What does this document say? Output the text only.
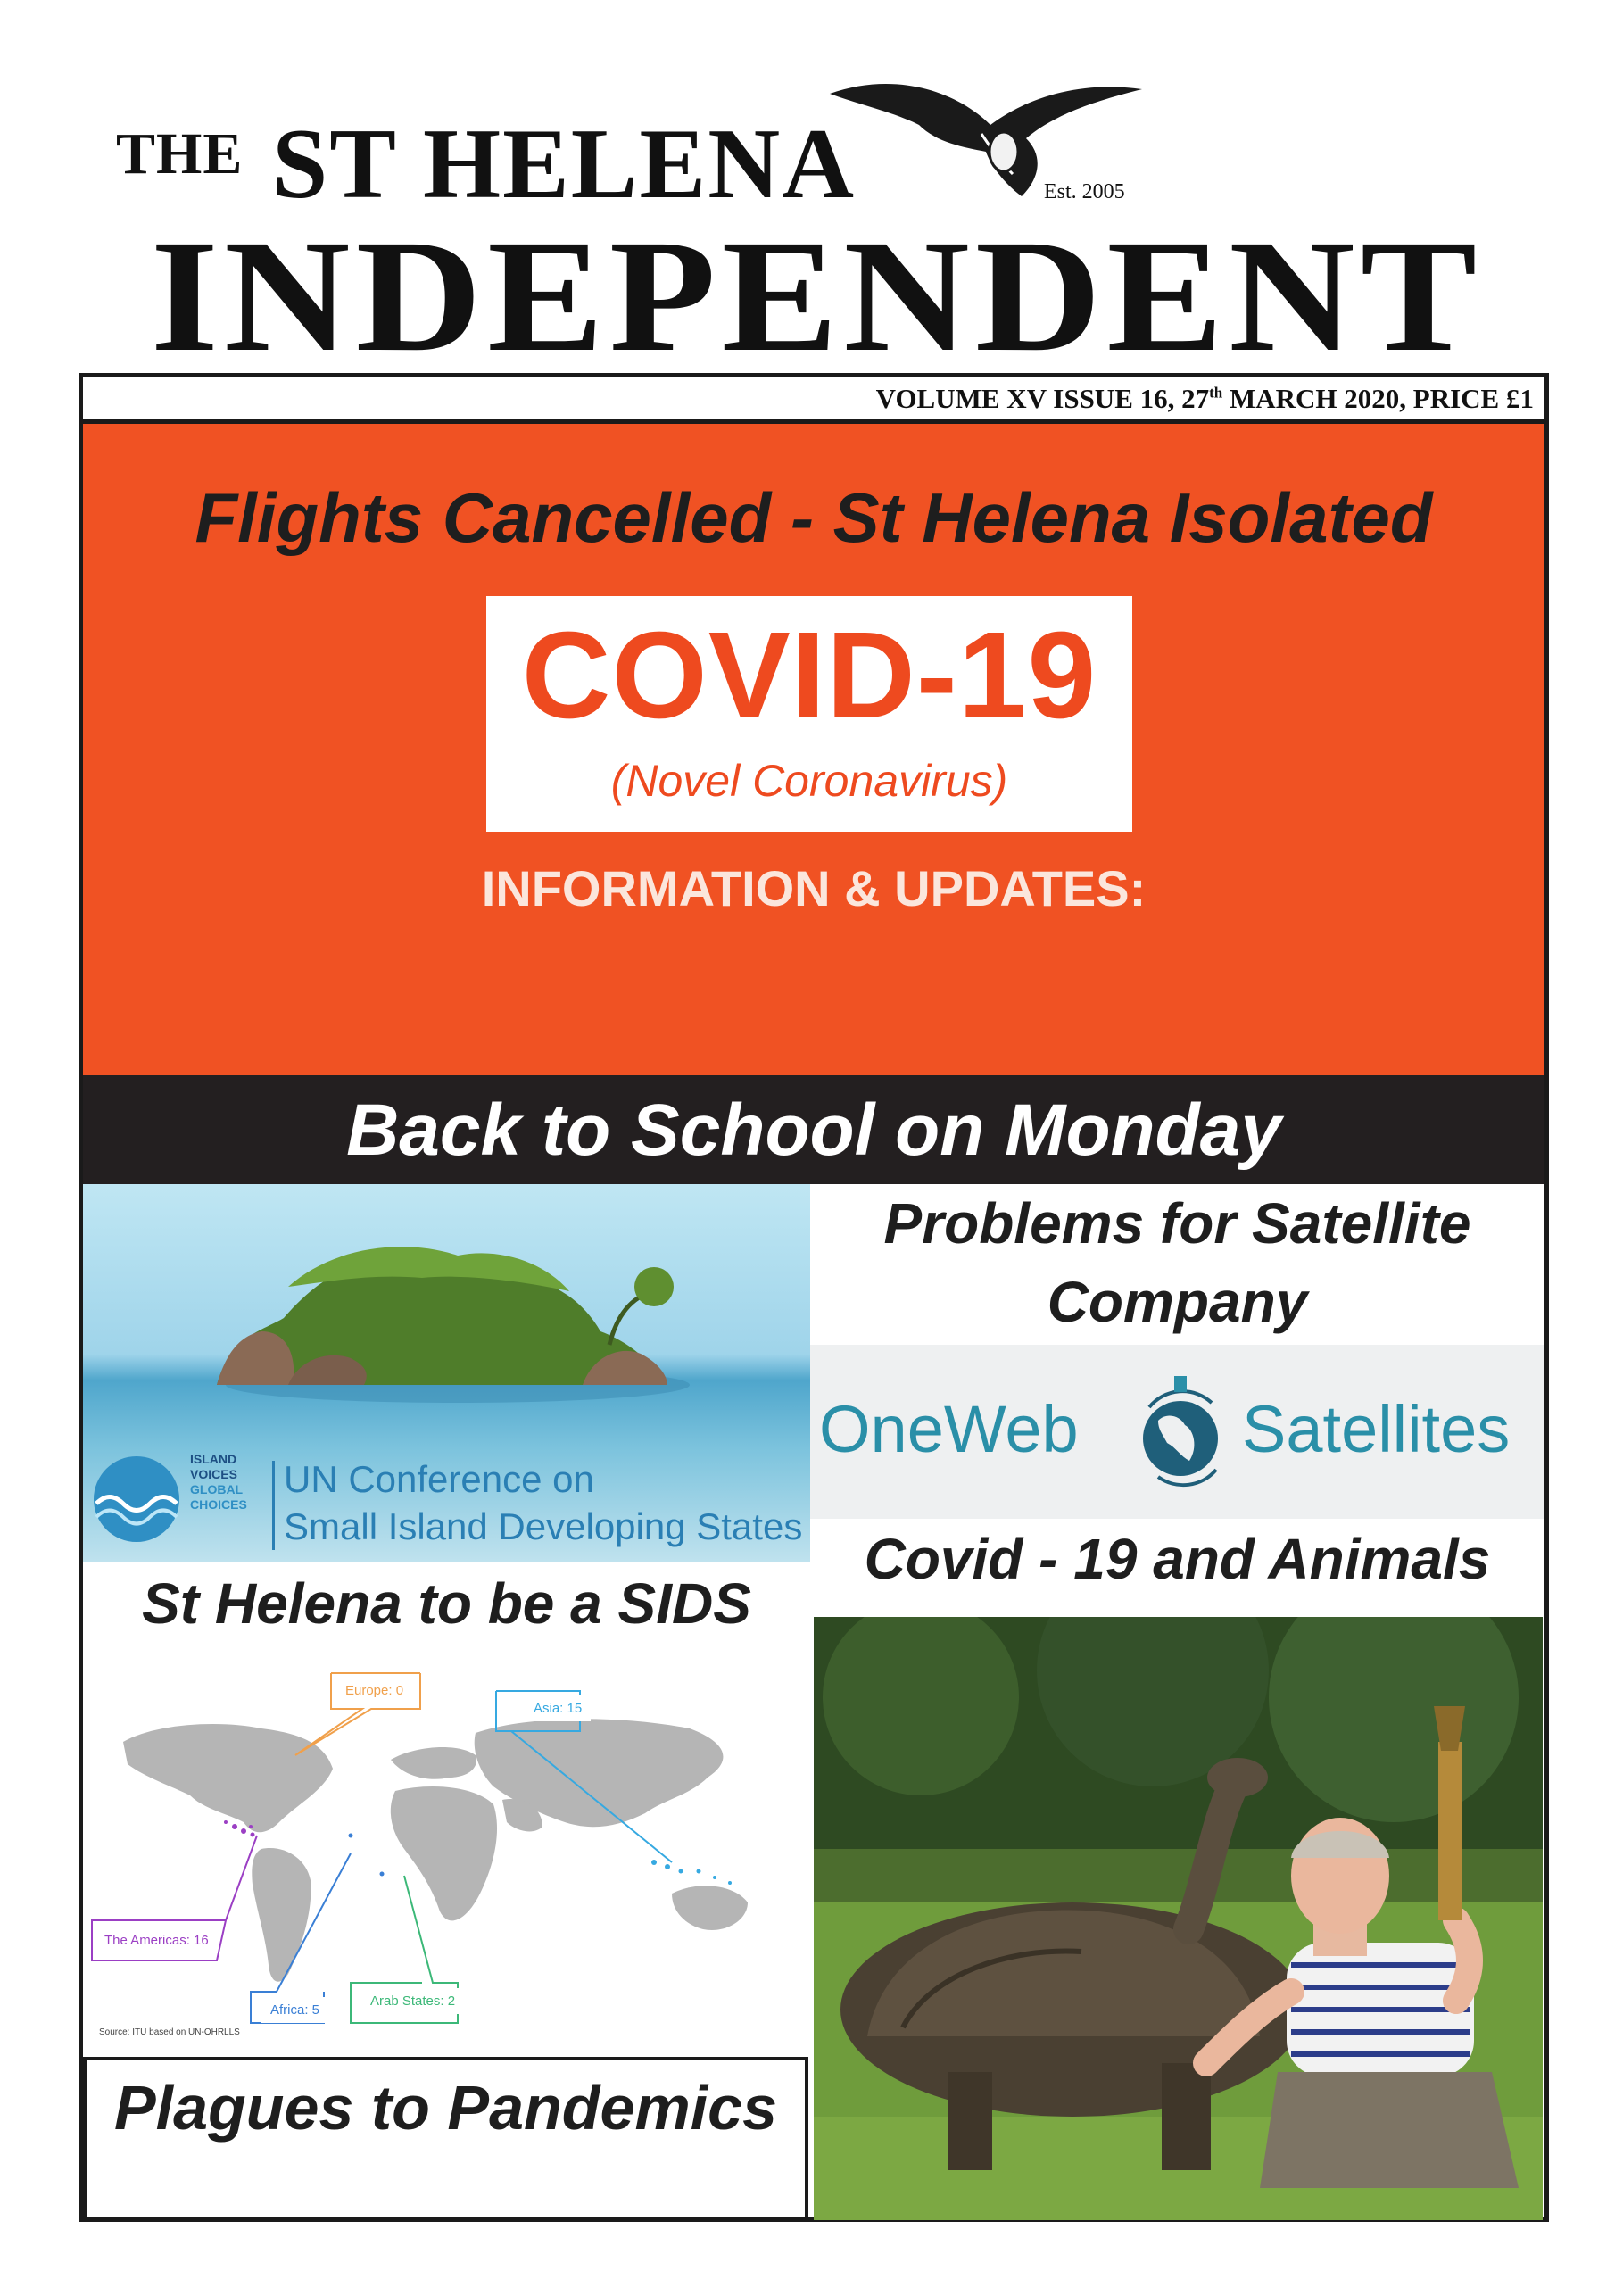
THE ST HELENA	Est. 2005
INDEPENDENT
VOLUME XV ISSUE 16, 27th MARCH 2020, PRICE £1
Flights Cancelled - St Helena Isolated
COVID-19
(Novel Coronavirus)
INFORMATION & UPDATES:
Back to School on Monday
ISLAND
VOICES
GLOBAL
CHOICES
UN Conference on
Small Island Developing States
Problems for Satellite Company
OneWeb Satellites
Covid - 19 and Animals
St Helena to be a SIDS
Europe: 0
Asia: 15
The Americas: 16
Africa: 5
Arab States: 2
Source: ITU based on UN-OHRLLS
Plagues to Pandemics
